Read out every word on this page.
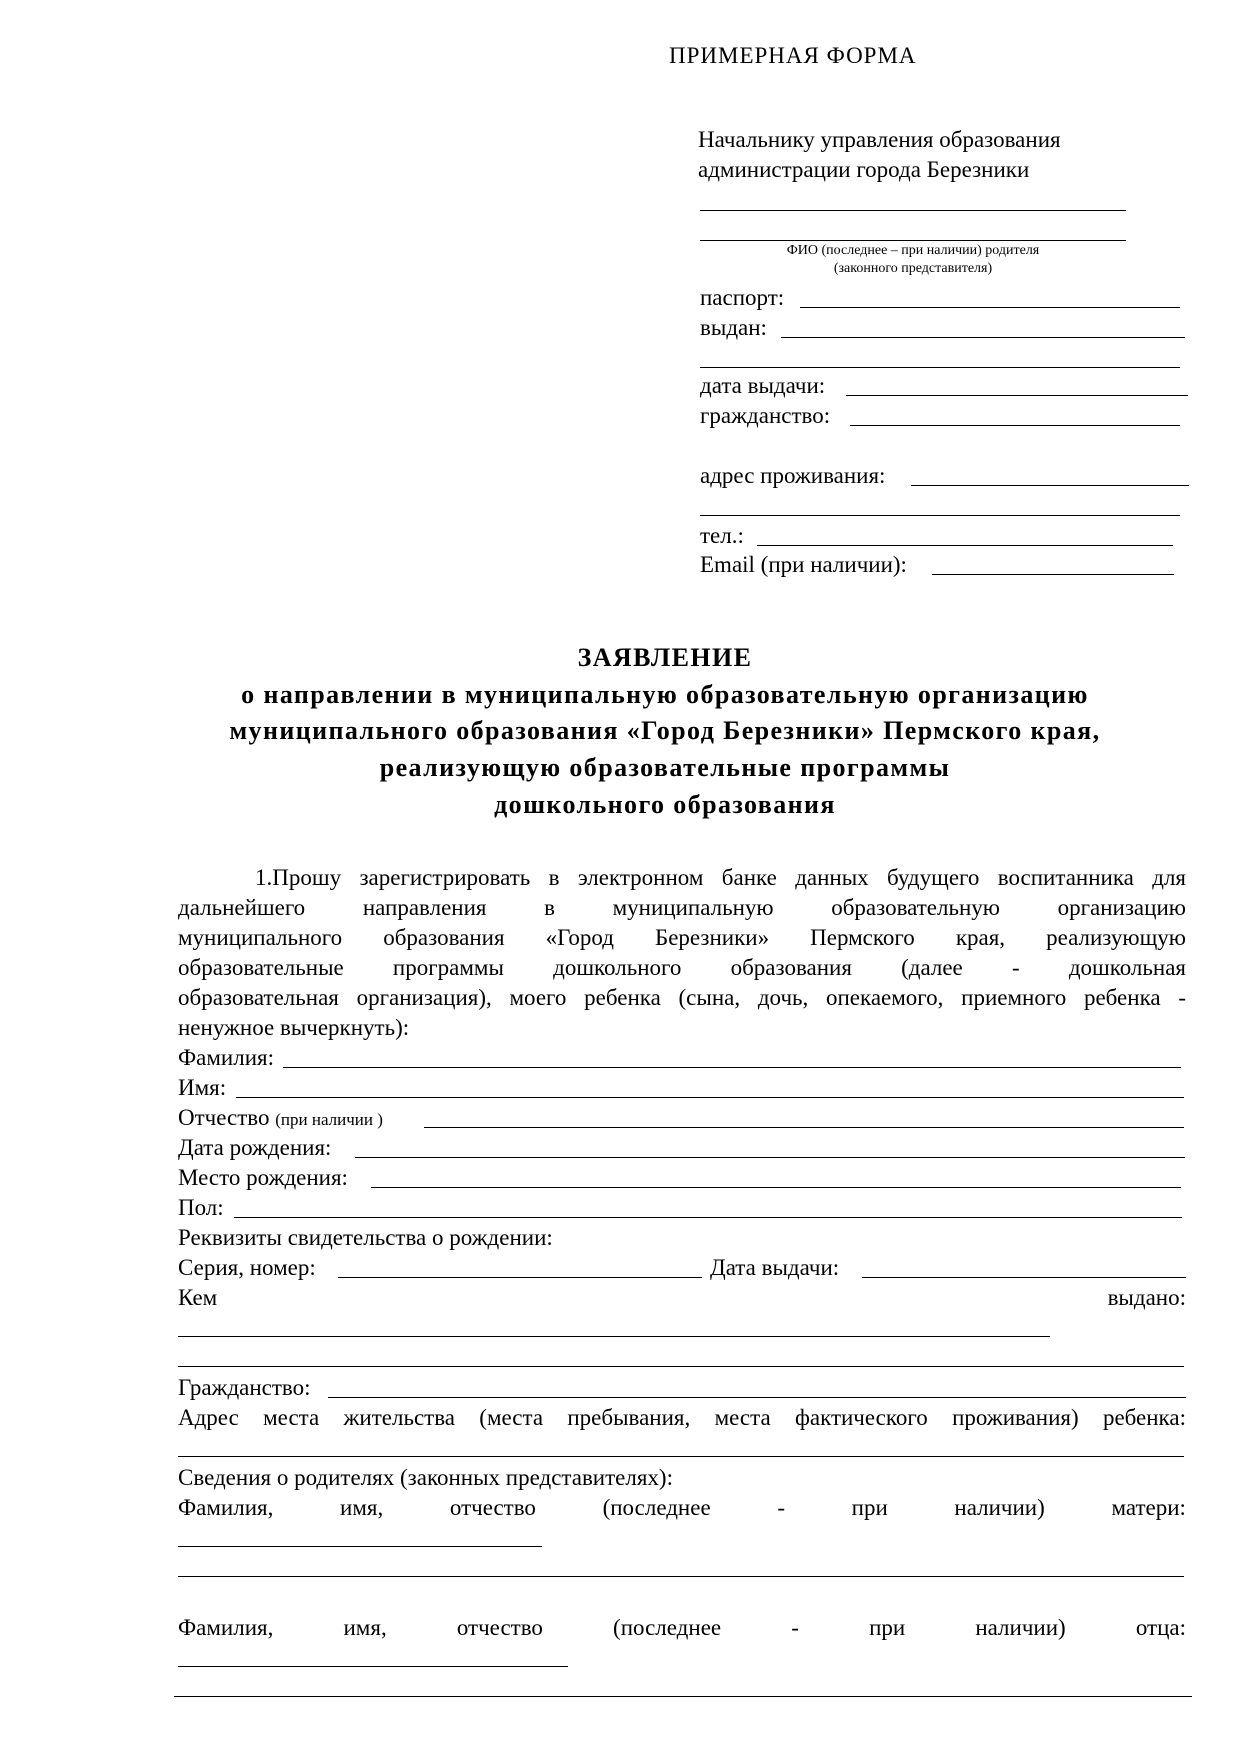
ПРИМЕРНАЯ ФОРМА
Начальнику управления образования
администрации города Березники
ФИО (последнее – при наличии) родителя
(законного представителя)
паспорт:
выдан:
дата выдачи:
гражданство:
адрес проживания:
тел.:
Email (при наличии):
ЗАЯВЛЕНИЕ
о направлении в муниципальную образовательную организацию
муниципального образования «Город Березники» Пермского края,
реализующую образовательные программы
дошкольного образования
1.Прошу зарегистрировать в электронном банке данных будущего воспитанника для
дальнейшего	направления	в	муниципальную	образовательную	организацию
муниципального образования «Город Березники» Пермского края, реализующую
образовательные программы дошкольного образования (далее - дошкольная
образовательная организация), моего ребенка (сына, дочь, опекаемого, приемного ребенка -
ненужное вычеркнуть):
Фамилия:
Имя:
Отчество (при наличии )
Дата рождения:
Место рождения:
Пол:
Реквизиты свидетельства о рождении:
Серия, номер:	Дата выдачи:
Кем	выдано:
Гражданство:
Адрес места жительства (места пребывания, места фактического проживания) ребенка:
Сведения о родителях (законных представителях):
Фамилия,	имя,	отчество	(последнее	-	при	наличии)	матери:
Фамилия,	имя,	отчество	(последнее	-	при	наличии)	отца:
